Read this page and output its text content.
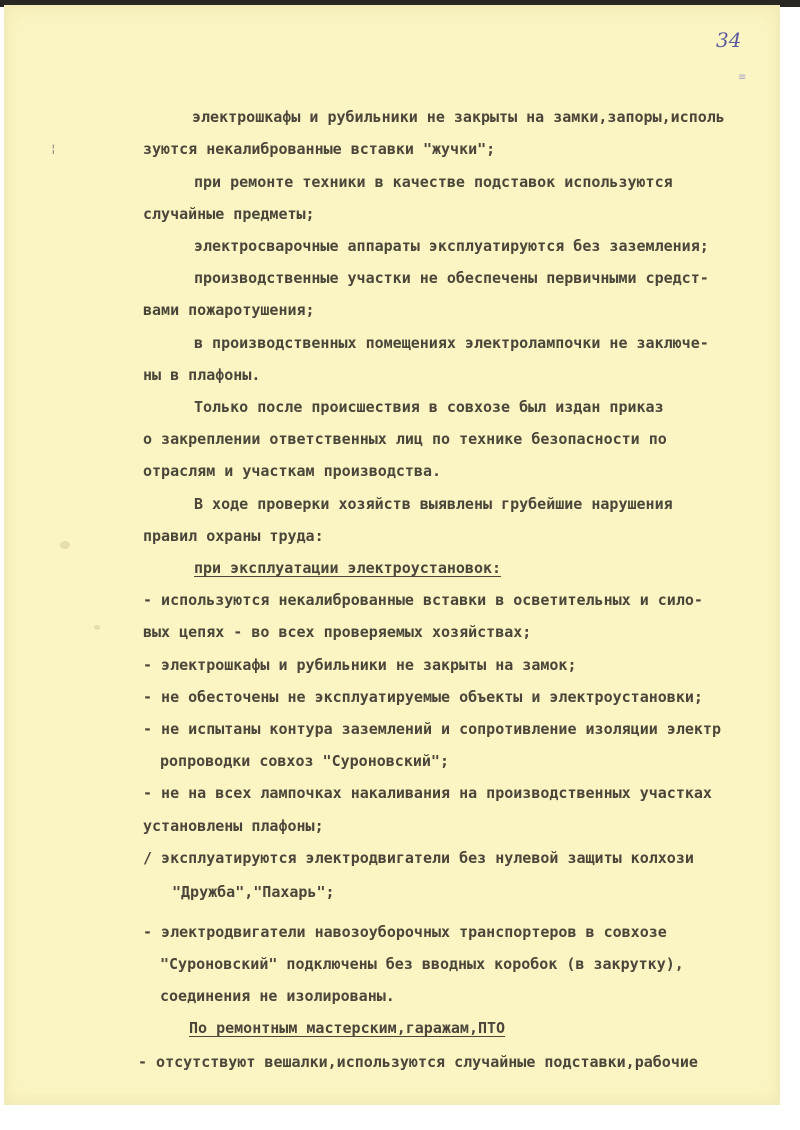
34

≡

¦

электрошкафы и рубильники не закрыты на замки,запоры,исполь

зуются некалиброванные вставки "жучки";

при ремонте техники в качестве подставок используются

случайные предметы;

электросварочные аппараты эксплуатируются без заземления;

производственные участки не обеспечены первичными средст-

вами пожаротушения;

в производственных помещениях электролампочки не заключе-

ны в плафоны.

Только после происшествия в совхозе был издан приказ

о закреплении ответственных лиц по технике безопасности по

отраслям и участкам производства.

В ходе проверки хозяйств выявлены грубейшие нарушения

правил охраны труда:

при эксплуатации электроустановок:

- используются некалиброванные вставки в осветительных и сило-

вых цепях - во всех проверяемых хозяйствах;

- электрошкафы и рубильники не закрыты на замок;

- не обесточены не эксплуатируемые объекты и электроустановки;

- не испытаны контура заземлений и сопротивление изоляции электр

ропроводки совхоз "Суроновский";

- не на всех лампочках накаливания на производственных участках

установлены плафоны;

/ эксплуатируются электродвигатели без нулевой защиты колхози

"Дружба","Пахарь";

- электродвигатели навозоуборочных транспортеров в совхозе

"Суроновский" подключены без вводных коробок (в закрутку),

соединения не изолированы.

По ремонтным мастерским,гаражам,ПТО

- отсутствуют вешалки,используются случайные подставки,рабочие
